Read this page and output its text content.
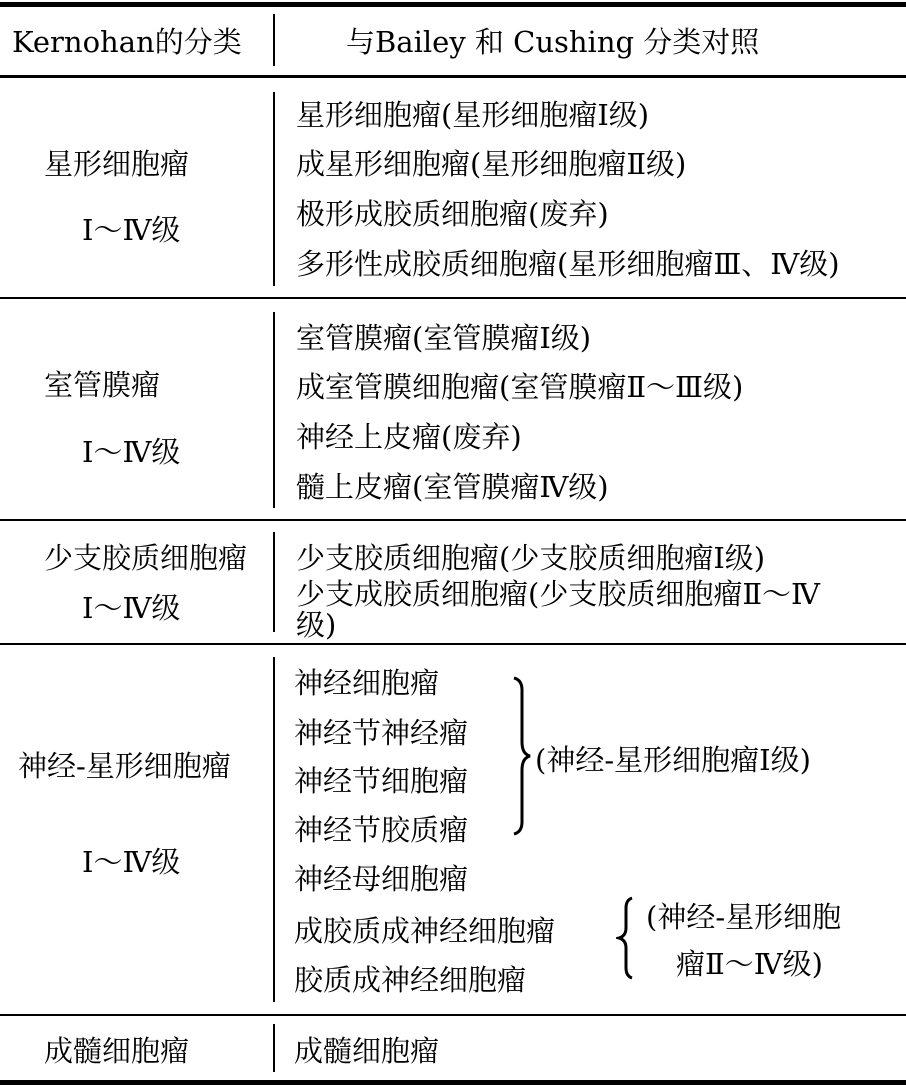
Kernohan的分类	与Bailey 和 Cushing 分类对照
星形细胞瘤
Ⅰ～Ⅳ级
星形细胞瘤(星形细胞瘤Ⅰ级)
成星形细胞瘤(星形细胞瘤Ⅱ级)
极形成胶质细胞瘤(废弃)
多形性成胶质细胞瘤(星形细胞瘤Ⅲ、Ⅳ级)
室管膜瘤
Ⅰ～Ⅳ级
室管膜瘤(室管膜瘤Ⅰ级)
成室管膜细胞瘤(室管膜瘤Ⅱ～Ⅲ级)
神经上皮瘤(废弃)
髓上皮瘤(室管膜瘤Ⅳ级)
少支胶质细胞瘤
Ⅰ～Ⅳ级
少支胶质细胞瘤(少支胶质细胞瘤Ⅰ级)
少支成胶质细胞瘤(少支胶质细胞瘤Ⅱ～Ⅳ
级)
神经-星形细胞瘤
Ⅰ～Ⅳ级
神经细胞瘤
神经节神经瘤
神经节细胞瘤
神经节胶质瘤
神经母细胞瘤
成胶质成神经细胞瘤
胶质成神经细胞瘤
(神经-星形细胞瘤Ⅰ级)
(神经-星形细胞
瘤Ⅱ～Ⅳ级)
成髓细胞瘤	成髓细胞瘤
